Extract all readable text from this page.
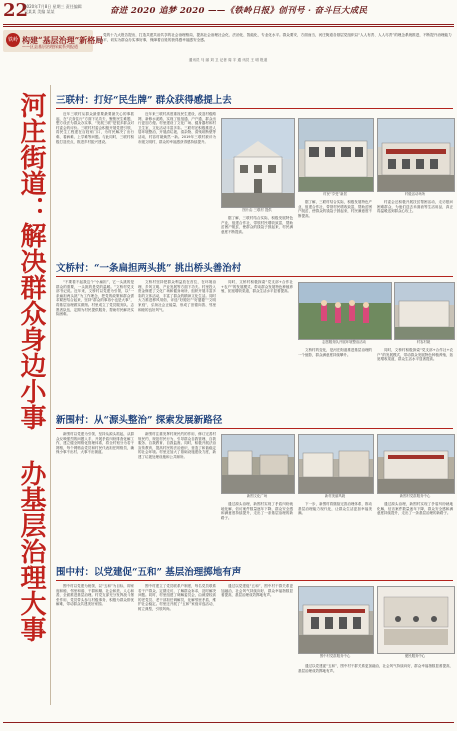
22
2020年7月8日 星期三 责任编辑 吴某某 美编 某某	奋进 2020 追梦 2020 ——《铁岭日报》创刊号 · 奋斗巨大成民
铁岭 构建“基层治理”新格局
——区县基层治理探索系列报道
党的十九大报告提出，打造共建共治共享的社会治理格局，提高社会治理社会化、法治化、智能化、专业化水平。群众要安，方面而当，河庄街道各基层党组织以“人人有责、人人尽责”的理念系统推进，不断提升治理能力和水平，切实为群众办实事好事，保障着百姓的获得感幸福感安全感。
通讯员 马 丽 刘 卫 记者 周 宇 通 讯员 王 明 报道
河庄街道：解决群众身边小事 办基层治理大事 三联村：打好“民生牌” 群众获得感提上去
近年三联村从群众最需要最要最关心的事抓起，在“衣食住行”方面下足功夫，聚焦民生难题，想方设法为群众办实事，“发展三联”是很多群众对村委会的评价。三联村村委会积极开展党建引领，将民生工程建在百姓家门口，为村民解决了出行难、看病难、上学难等问题。与此同时，三联村积极打造亮点，推进乡村振兴建设。
近年来三联村高度重视民生建设，改造村级路网，新修水泥路，实现了组组通、户户通，群众出行更加方便。村里建设了文化广场、健身器材和村卫生室，文化活动丰富多彩。三联村还积极推进人居环境整治，开展清垃圾、清杂物、清残垣断壁等活动，村容村貌焕然一新。2019年三联村被评为市级文明村，群众的幸福感获得感持续提升。
图片由 三联村 提供
村民“享受”新居	村级活动场所
据了解，三联村结合实际，积极发展特色产业，组建合作社，带领村民增收致富，帮助贫困户脱贫，使群众的钱袋子鼓起来，村民满意度不断提高。
村委会还积极开展扶贫帮困活动，走访慰问困难群众，为他们送去米面油等生活用品，真正将温暖送到群众心坎上。
据了解，三联村结合实际，积极发展特色产业，组建合作社，带领村民增收致富，帮助贫困户脱贫，使群众的钱袋子鼓起来，村民满意度不断提高。
文桥村：“一条扁担两头挑” 挑出桥头善治村
“不要看不起我这个“小扁担”，它一头挑的是群众的需要，一头挑的是党的温暖。”文桥村党支部书记说。近年来，文桥村以党建为引领，以“一条扁担两头挑”为工作理念，把党的政策和群众需求紧密结合起来，坚持“群众的事再小也是大事”，将基层治理做实做细。村里成立了党员服务队、志愿者队伍，定期为村民提供服务，帮助村民解决实际困难。
文桥村坚持把群众利益放在首位，在环境治理、乡风文明、产业发展等方面下功夫。村里投入资金修建了文化广场和健身场所，组织开展丰富多彩的文体活动，丰富了群众的精神文化生活。同时大力推进移风易俗，评选“好媳妇”“好婆婆”“文明家庭”，弘扬社会正能量，形成了崇德向善、邻里和睦的良好风气。
同时，文桥村积极探索“党支部+合作社+农户”的发展模式，带动群众发展特色种植养殖，拓宽增收渠道，群众生活水平显著提高。
志愿服务队开展环境整治活动	村容村貌
文桥村的变化，是河庄街道推进基层治理的一个缩影，群众满意度持续攀升。
同时，文桥村积极探索“党支部+合作社+农户”的发展模式，带动群众发展特色种植养殖，拓宽增收渠道，群众生活水平显著提高。
新围村：从“源头整治” 探索发展新路径
新围村以党建为引领，坚持从源头抓起，从群众反映强烈的问题入手，开展矛盾纠纷排查化解工作，建立健全网格化管理体系，将全村划分为若干网格，每个网格由党员和村民代表担任网格员，确保小事不出村、大事不出街道。
新围村注重发挥村规民约的作用，修订完善村规民约，规范村民行为，引导群众自我管理、自我服务、自我教育、自我监督。同时，积极开展法治宣传教育，提高村民的法治意识，营造了和谐稳定的社会环境。村里还加大了基础设施建设力度，新建了垃圾处理设施和公共厕所。
新围文化广场	新村美丽风貌	新围村党群服务中心
通过源头治理，新围村实现了矛盾纠纷就地化解，信访案件数量逐年下降，群众安全感和满意度持续提升，走出了一条基层治理的新路子。
下一步，新围村将继续完善治理体系，推动基层治理能力现代化，让群众生活更加幸福美满。
通过源头治理，新围村实现了矛盾纠纷就地化解，信访案件数量逐年下降，群众安全感和满意度持续提升，走出了一条基层治理的新路子。
围中村：以党建促“五和” 基层治理掷地有声
围中村以党建为统领，以“五和”为目标，即家庭和睦、邻里和谐、干群和顺、社会和美、人心和善，全面推进基层治理。村党支部充分发挥战斗堡垒作用，党员带头参与村级事务，积极为群众排忧解难，带动群众共建美好家园。
围中村建立了党员联系户制度，每名党员联系若干户群众，定期走访，了解群众诉求，及时解决问题。同时，村里组建了调解委员会，由威望较高的老党员、老干部担任调解员，化解邻里矛盾，维护社会稳定。村里还开展了“五和”家庭评选活动，树立典型，引领风尚。
通过以党建促“五和”，围中村干群关系更加融洽，社会风气持续向好，群众幸福指数显著提高，基层治理成效掷地有声。
围中村党群服务中心	便民服务中心
通过以党建促“五和”，围中村干群关系更加融洽，社会风气持续向好，群众幸福指数显著提高，基层治理成效掷地有声。
